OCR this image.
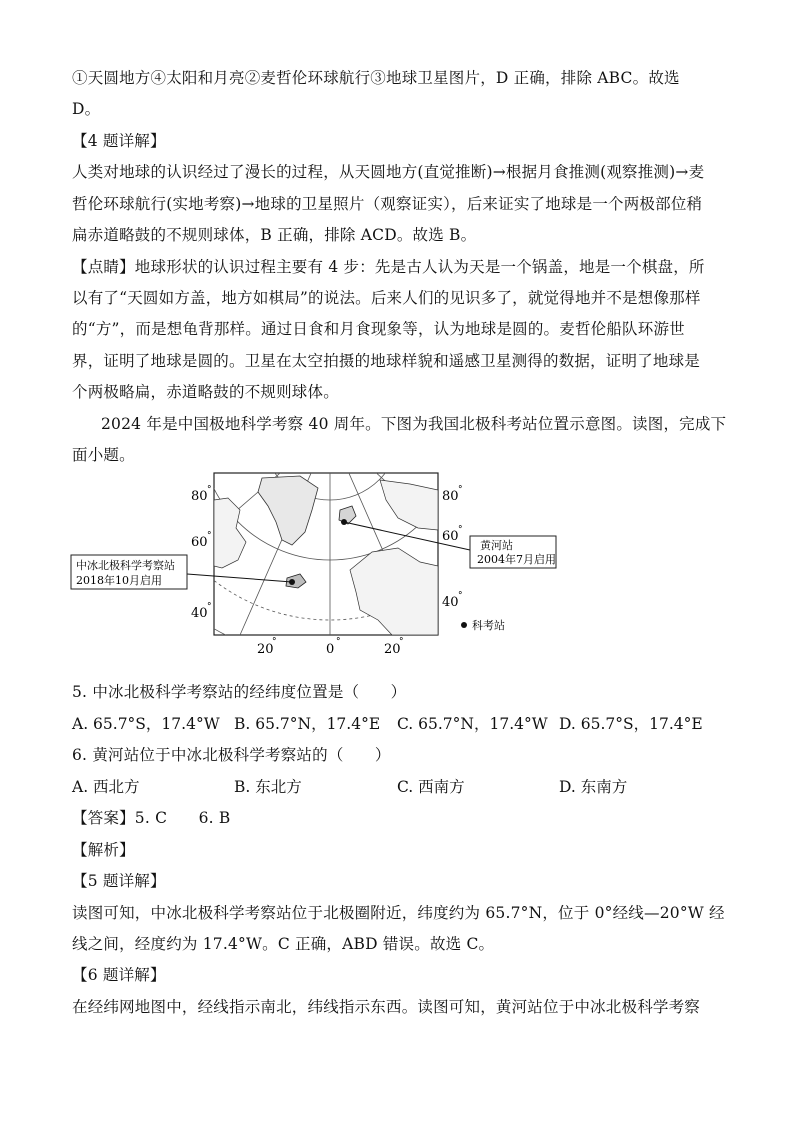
①天圆地方④太阳和月亮②麦哲伦环球航行③地球卫星图片，D 正确，排除 ABC。故选
D。
【4 题详解】
人类对地球的认识经过了漫长的过程，从天圆地方(直觉推断)→根据月食推测(观察推测)→麦
哲伦环球航行(实地考察)→地球的卫星照片（观察证实），后来证实了地球是一个两极部位稍
扁赤道略鼓的不规则球体，B 正确，排除 ACD。故选 B。
【点睛】地球形状的认识过程主要有 4 步：先是古人认为天是一个锅盖，地是一个棋盘，所
以有了“天圆如方盖，地方如棋局”的说法。后来人们的见识多了，就觉得地并不是想像那样
的“方”，而是想龟背那样。通过日食和月食现象等，认为地球是圆的。麦哲伦船队环游世
界，证明了地球是圆的。卫星在太空拍摄的地球样貌和遥感卫星测得的数据，证明了地球是
个两极略扁，赤道略鼓的不规则球体。
2024 年是中国极地科学考察 40 周年。下图为我国北极科考站位置示意图。读图，完成下
面小题。
80
60
40
°
°
°
80
60
40
°
°
°
20
°	0 °	20
°
中冰北极科学考察站
2018年10月启用
黄河站
2004年7月启用
科考站
5. 中冰北极科学考察站的经纬度位置是（　　）
A. 65.7°S，17.4°W B. 65.7°N，17.4°E C. 65.7°N，17.4°W D. 65.7°S，17.4°E
6. 黄河站位于中冰北极科学考察站的（　　）
A. 西北方	B. 东北方	C. 西南方	D. 东南方
【答案】5. C　　6. B
【解析】
【5 题详解】
读图可知，中冰北极科学考察站位于北极圈附近，纬度约为 65.7°N，位于 0°经线—20°W 经
线之间，经度约为 17.4°W。C 正确，ABD 错误。故选 C。
【6 题详解】
在经纬网地图中，经线指示南北，纬线指示东西。读图可知，黄河站位于中冰北极科学考察
